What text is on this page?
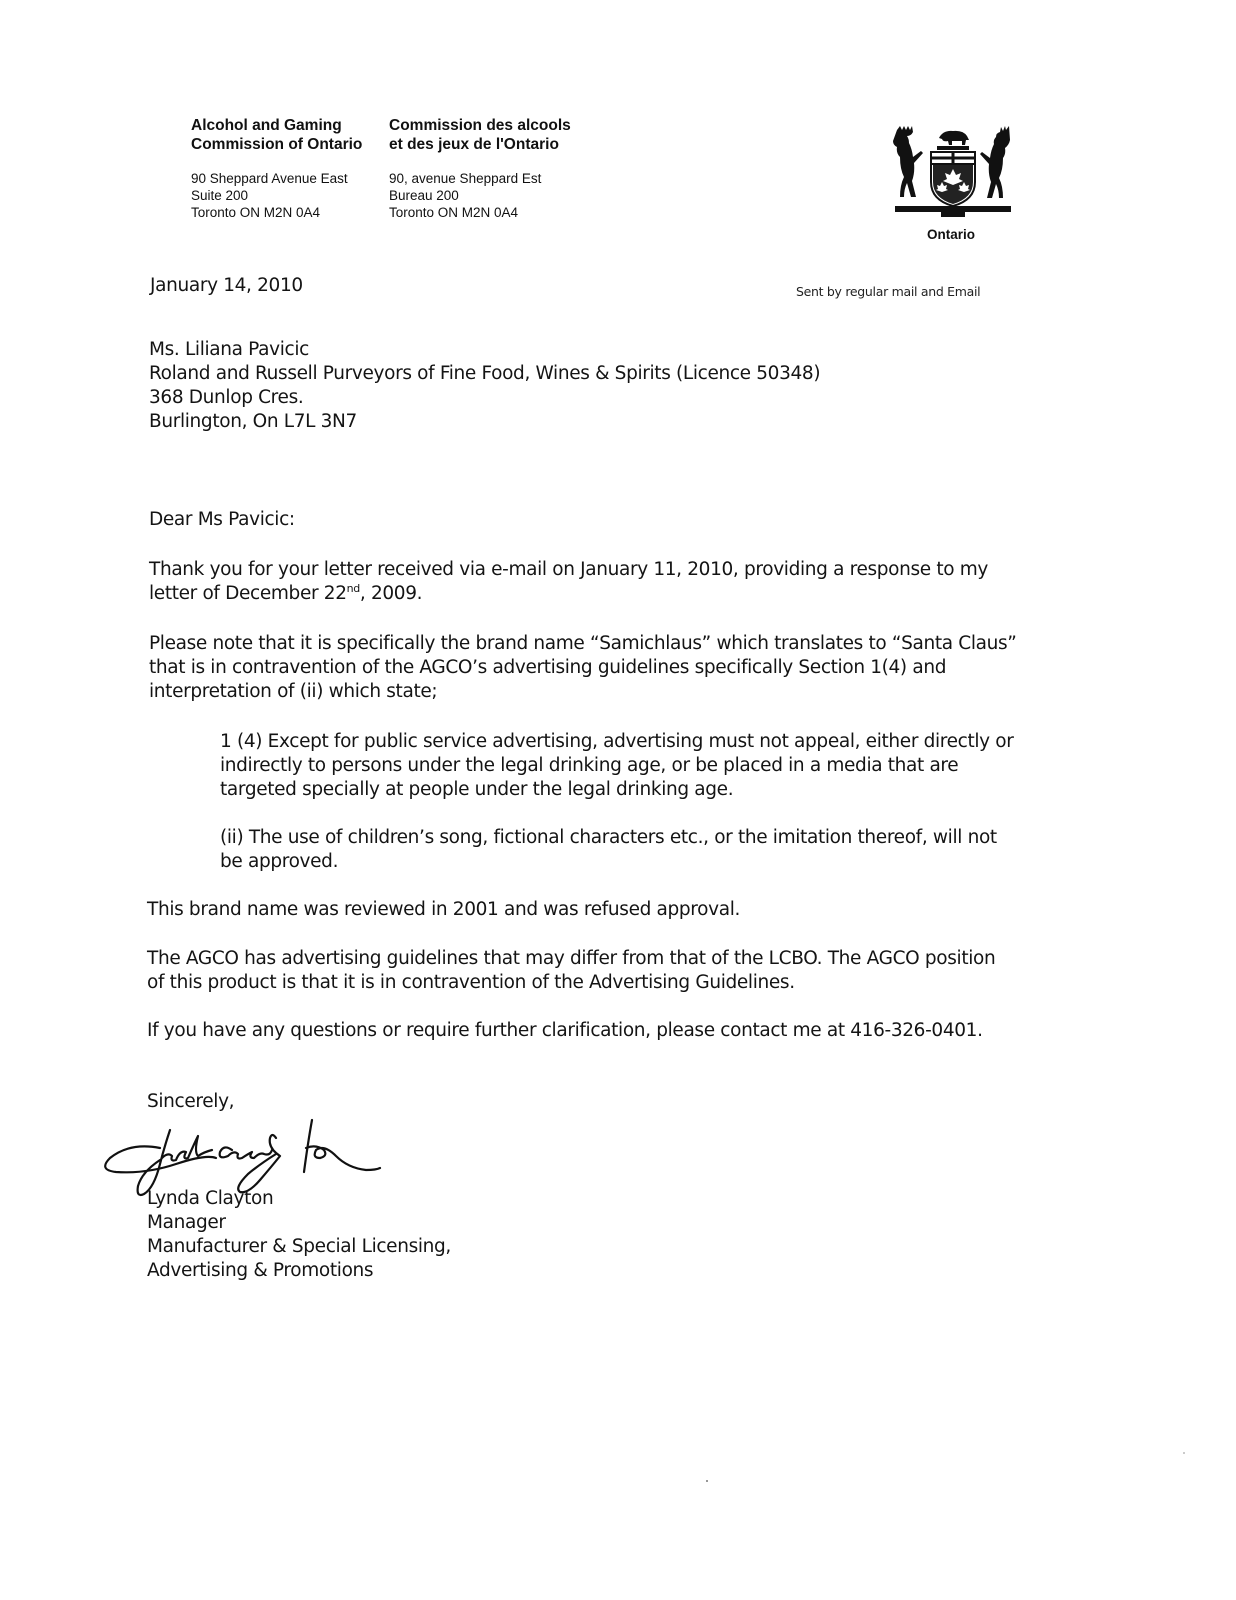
Alcohol and Gaming
Commission of Ontario
90 Sheppard Avenue East
Suite 200
Toronto ON M2N 0A4
Commission des alcools
et des jeux de l'Ontario
90, avenue Sheppard Est
Bureau 200
Toronto ON M2N 0A4
Ontario
January 14, 2010	Sent by regular mail and Email
Ms. Liliana Pavicic
Roland and Russell Purveyors of Fine Food, Wines & Spirits (Licence 50348)
368 Dunlop Cres.
Burlington, On L7L 3N7
Dear Ms Pavicic:
Thank you for your letter received via e-mail on January 11, 2010, providing a response to my
letter of December 22nd, 2009.
Please note that it is specifically the brand name “Samichlaus” which translates to “Santa Claus”
that is in contravention of the AGCO’s advertising guidelines specifically Section 1(4) and
interpretation of (ii) which state;
1 (4) Except for public service advertising, advertising must not appeal, either directly or
indirectly to persons under the legal drinking age, or be placed in a media that are
targeted specially at people under the legal drinking age.
(ii) The use of children’s song, fictional characters etc., or the imitation thereof, will not
be approved.
This brand name was reviewed in 2001 and was refused approval.
The AGCO has advertising guidelines that may differ from that of the LCBO. The AGCO position
of this product is that it is in contravention of the Advertising Guidelines.
If you have any questions or require further clarification, please contact me at 416-326-0401.
Sincerely,
Lynda Clayton
Manager
Manufacturer & Special Licensing,
Advertising & Promotions
